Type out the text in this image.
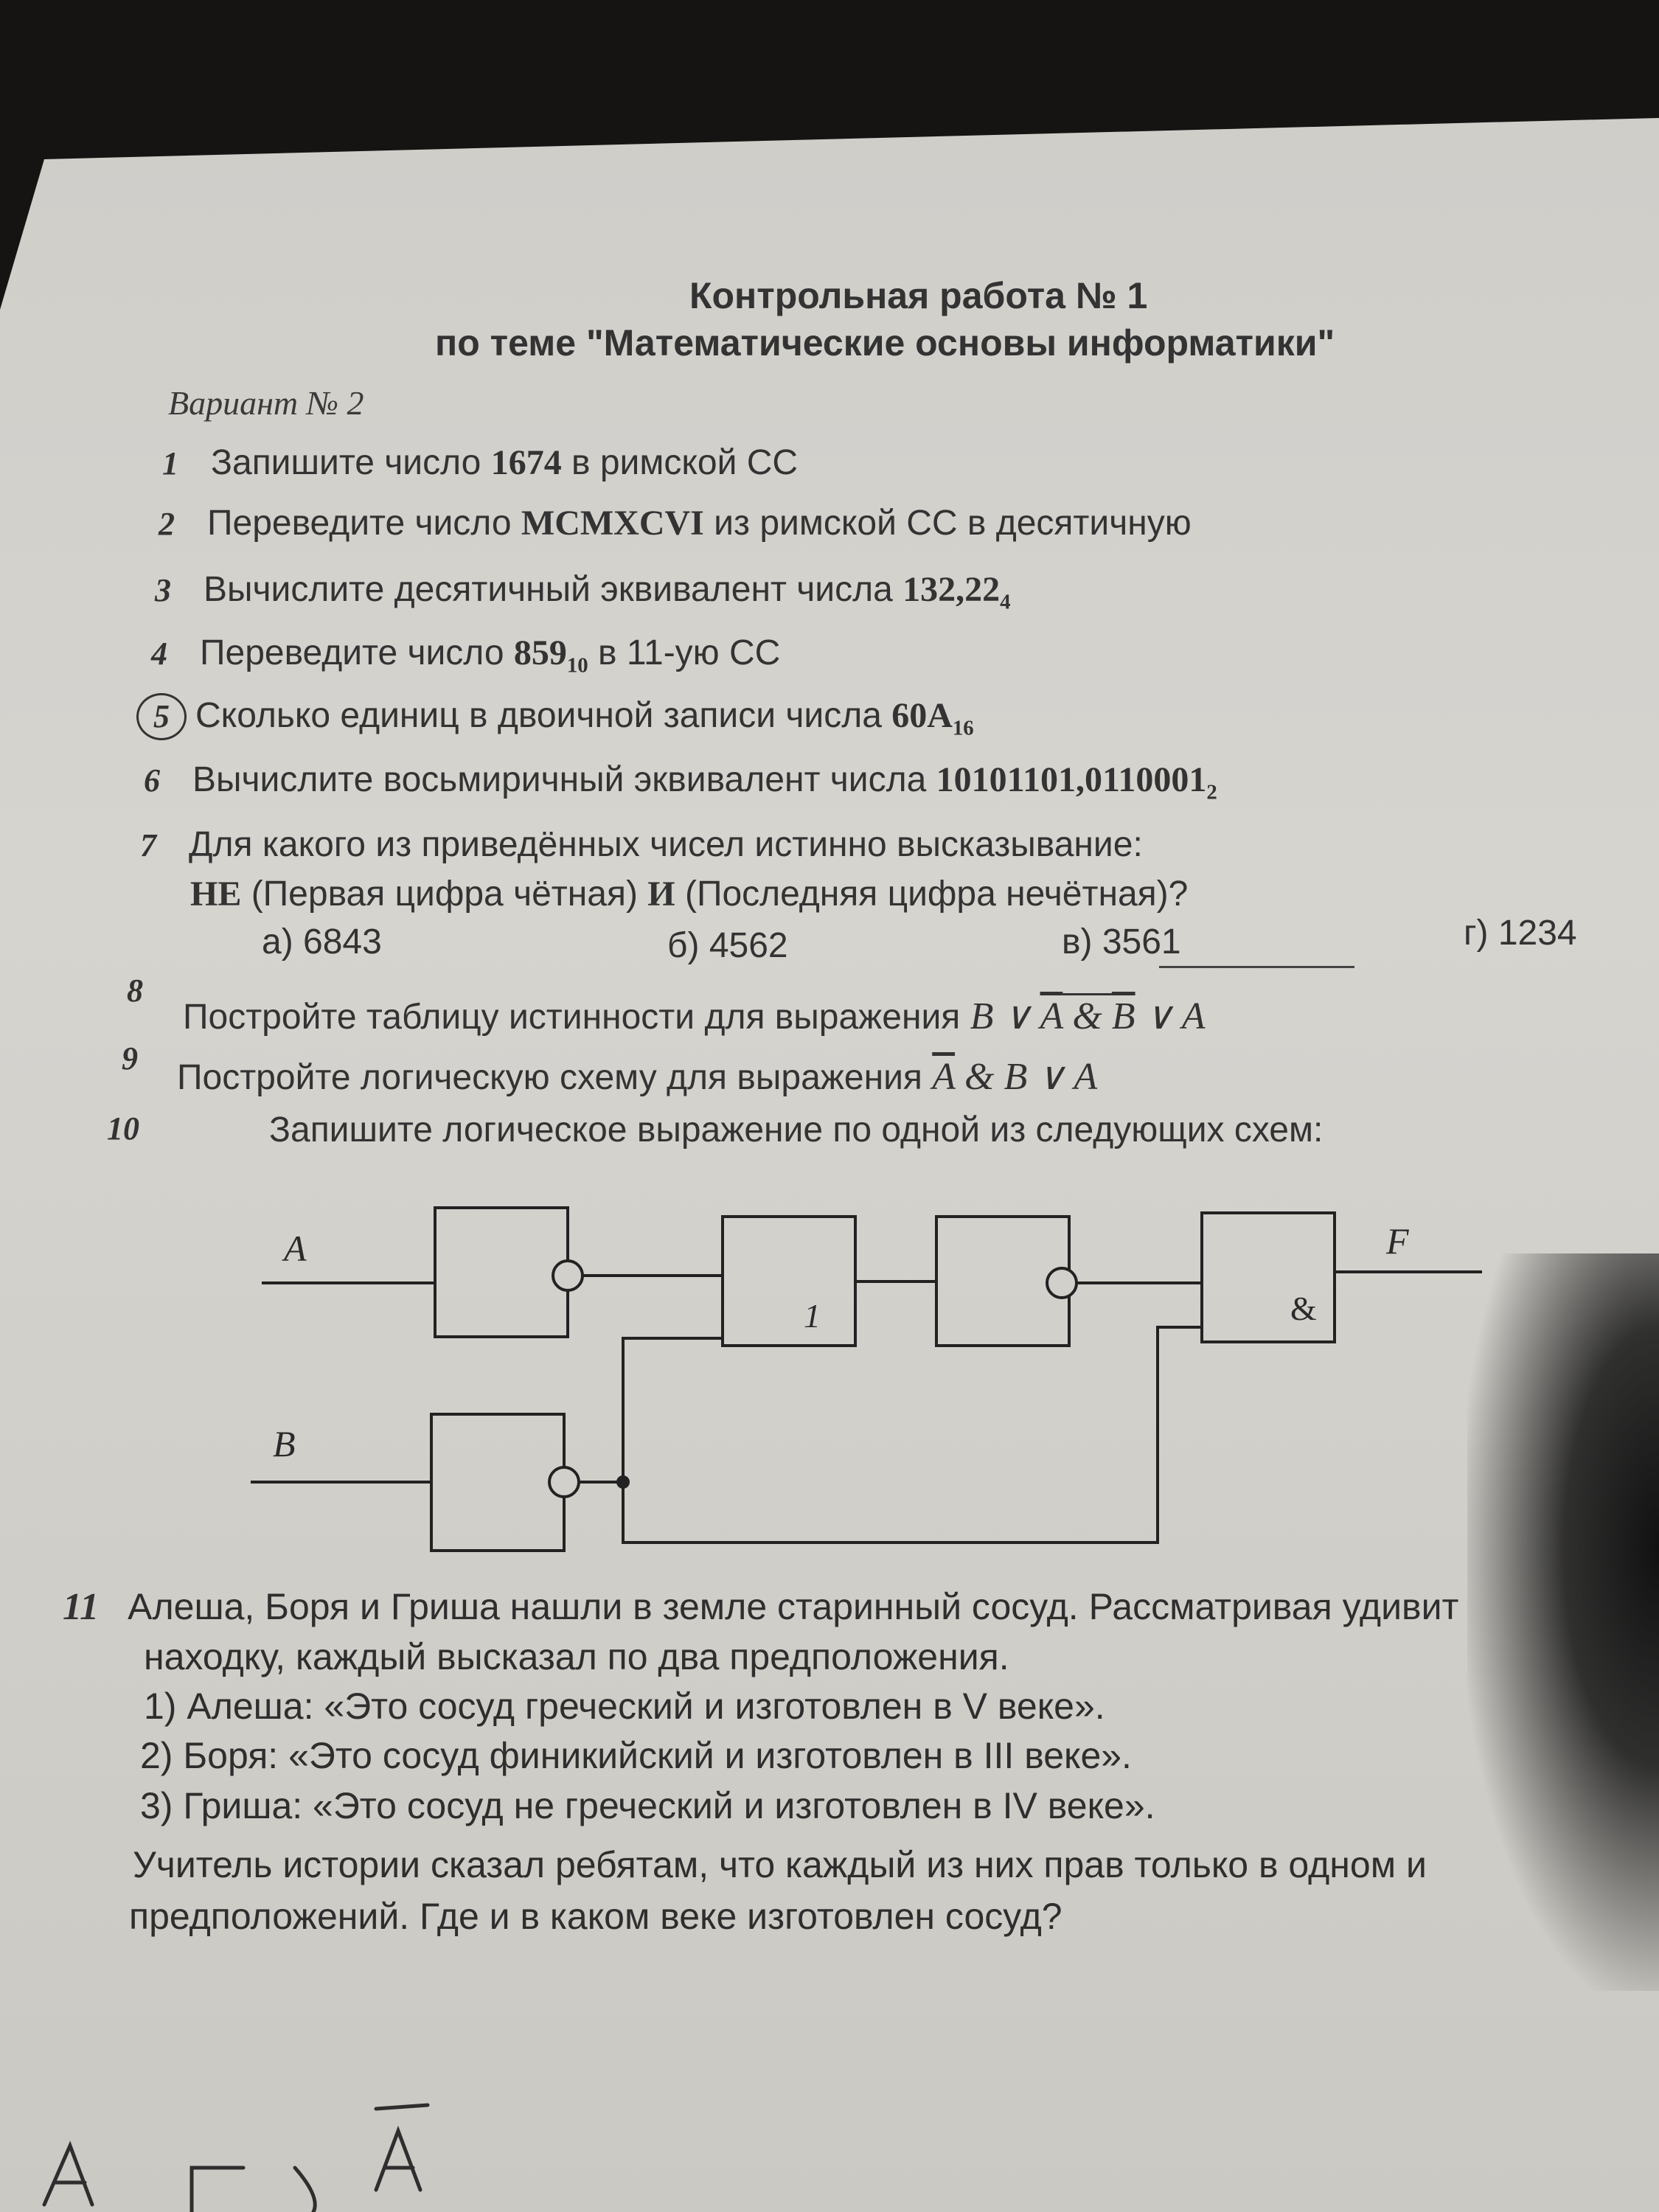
Контрольная работа № 1
по теме "Математические основы информатики"
Вариант № 2
1 Запишите число 1674 в римской СС
2 Переведите число MCMXCVI из римской СС в десятичную
3 Вычислите десятичный эквивалент числа $132,22_4$
4 Переведите число $859_{10}$ в 11-ую СС
5 Сколько единиц в двоичной записи числа $60A_{16}$
6 Вычислите восьмиричный эквивалент числа $10101101,0110001_2$
7 Для какого из приведённых чисел истинно высказывание:
НЕ (Первая цифра чётная) И (Последняя цифра нечётная)?
а) 6843	б) 4562	в) 3561	г) 1234
8
Постройте таблицу истинности для выражения B ∨ A & B ∨ A
9 Постройте логическую схему для выражения $\overline{A}$ & B ∨ A
10	Запишите логическое выражение по одной из следующих схем:
A
B
F
1	&
11 Алеша, Боря и Гриша нашли в земле старинный сосуд. Рассматривая удивит
находку, каждый высказал по два предположения.
1) Алеша: «Это сосуд греческий и изготовлен в V веке».
2) Боря: «Это сосуд финикийский и изготовлен в III веке».
3) Гриша: «Это сосуд не греческий и изготовлен в IV веке».
Учитель истории сказал ребятам, что каждый из них прав только в одном и
предположений. Где и в каком веке изготовлен сосуд?
